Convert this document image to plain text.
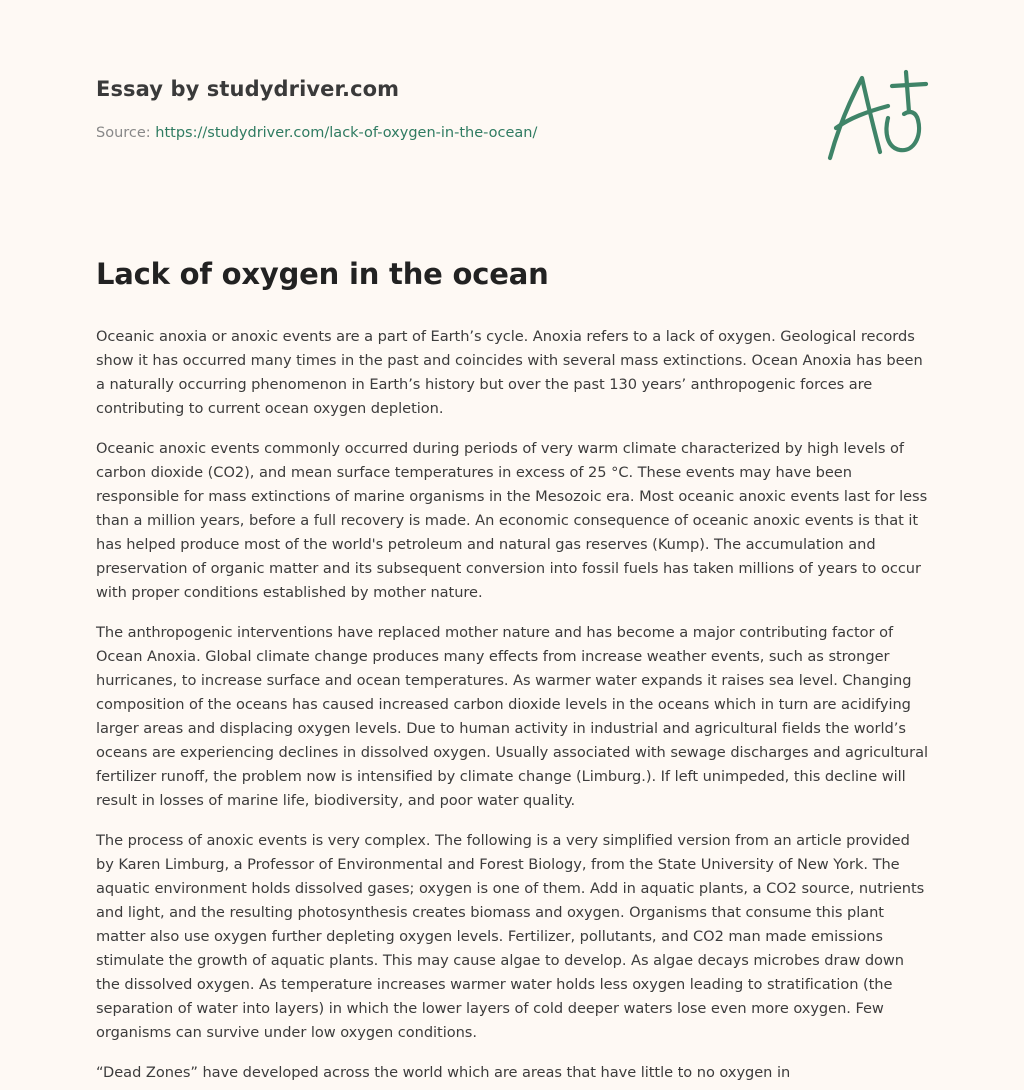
Essay by studydriver.com
Source: https://studydriver.com/lack-of-oxygen-in-the-ocean/
Lack of oxygen in the ocean

Oceanic anoxia or anoxic events are a part of Earth’s cycle. Anoxia refers to a lack of oxygen. Geological records show it has occurred many times in the past and coincides with several mass extinctions. Ocean Anoxia has been a naturally occurring phenomenon in Earth’s history but over the past 130 years’ anthropogenic forces are contributing to current ocean oxygen depletion.

Oceanic anoxic events commonly occurred during periods of very warm climate characterized by high levels of carbon dioxide (CO2), and mean surface temperatures in excess of 25 °C. These events may have been responsible for mass extinctions of marine organisms in the Mesozoic era. Most oceanic anoxic events last for less than a million years, before a full recovery is made. An economic consequence of oceanic anoxic events is that it has helped produce most of the world's petroleum and natural gas reserves (Kump). The accumulation and preservation of organic matter and its subsequent conversion into fossil fuels has taken millions of years to occur with proper conditions established by mother nature.

The anthropogenic interventions have replaced mother nature and has become a major contributing factor of Ocean Anoxia. Global climate change produces many effects from increase weather events, such as stronger hurricanes, to increase surface and ocean temperatures. As warmer water expands it raises sea level. Changing composition of the oceans has caused increased carbon dioxide levels in the oceans which in turn are acidifying larger areas and displacing oxygen levels. Due to human activity in industrial and agricultural fields the world’s oceans are experiencing declines in dissolved oxygen. Usually associated with sewage discharges and agricultural fertilizer runoff, the problem now is intensified by climate change (Limburg.). If left unimpeded, this decline will result in losses of marine life, biodiversity, and poor water quality.

The process of anoxic events is very complex. The following is a very simplified version from an article provided by Karen Limburg, a Professor of Environmental and Forest Biology, from the State University of New York. The aquatic environment holds dissolved gases; oxygen is one of them. Add in aquatic plants, a CO2 source, nutrients and light, and the resulting photosynthesis creates biomass and oxygen. Organisms that consume this plant matter also use oxygen further depleting oxygen levels. Fertilizer, pollutants, and CO2 man made emissions stimulate the growth of aquatic plants. This may cause algae to develop. As algae decays microbes draw down the dissolved oxygen. As temperature increases warmer water holds less oxygen leading to stratification (the separation of water into layers) in which the lower layers of cold deeper waters lose even more oxygen. Few organisms can survive under low oxygen conditions.

“Dead Zones” have developed across the world which are areas that have little to no oxygen in
